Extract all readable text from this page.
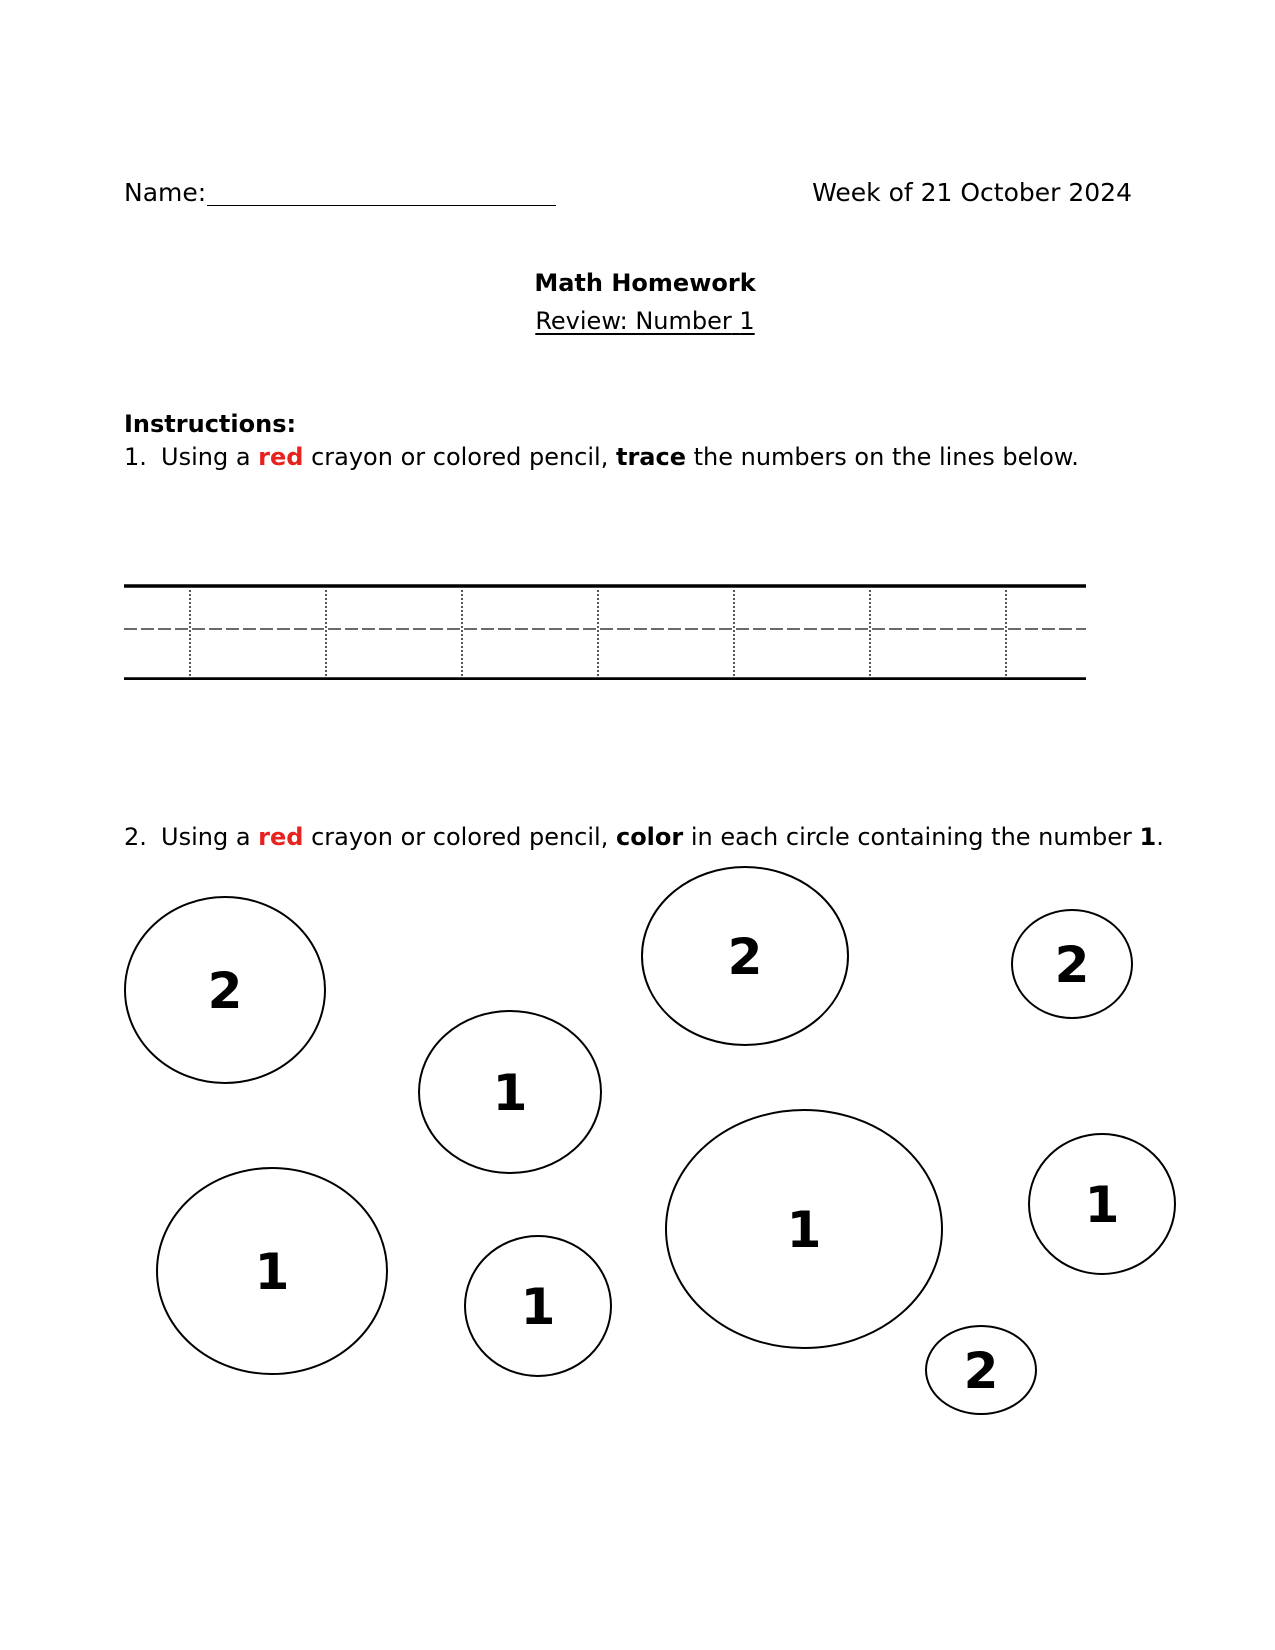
Name:	Week of 21 October 2024
Math Homework
Review: Number 1
Instructions:
1. Using a red crayon or colored pencil, trace the numbers on the lines below.
2. Using a red crayon or colored pencil, color in each circle containing the number 1.
2
1
1
1
2
1
2
1
2
